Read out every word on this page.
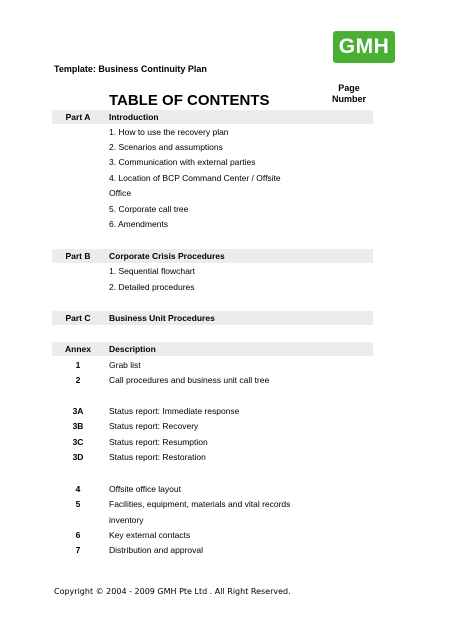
GMH
Template: Business Continuity Plan
Page
Number
TABLE OF CONTENTS
Part A	Introduction
1. How to use the recovery plan
2. Scenarios and assumptions
3. Communication with external parties
4. Location of BCP Command Center / Offsite
Office
5. Corporate call tree
6. Amendments
Part B	Corporate Crisis Procedures
1. Sequential flowchart
2. Detailed procedures
Part C	Business Unit Procedures
Annex	Description
1	Grab list
2	Call procedures and business unit call tree
3A	Status report: Immediate response
3B	Status report: Recovery
3C	Status report: Resumption
3D	Status report: Restoration
4	Offsite office layout
5	Facilities, equipment, materials and vital records
inventory
6	Key external contacts
7	Distribution and approval
Copyright © 2004 - 2009 GMH Pte Ltd . All Right Reserved.
